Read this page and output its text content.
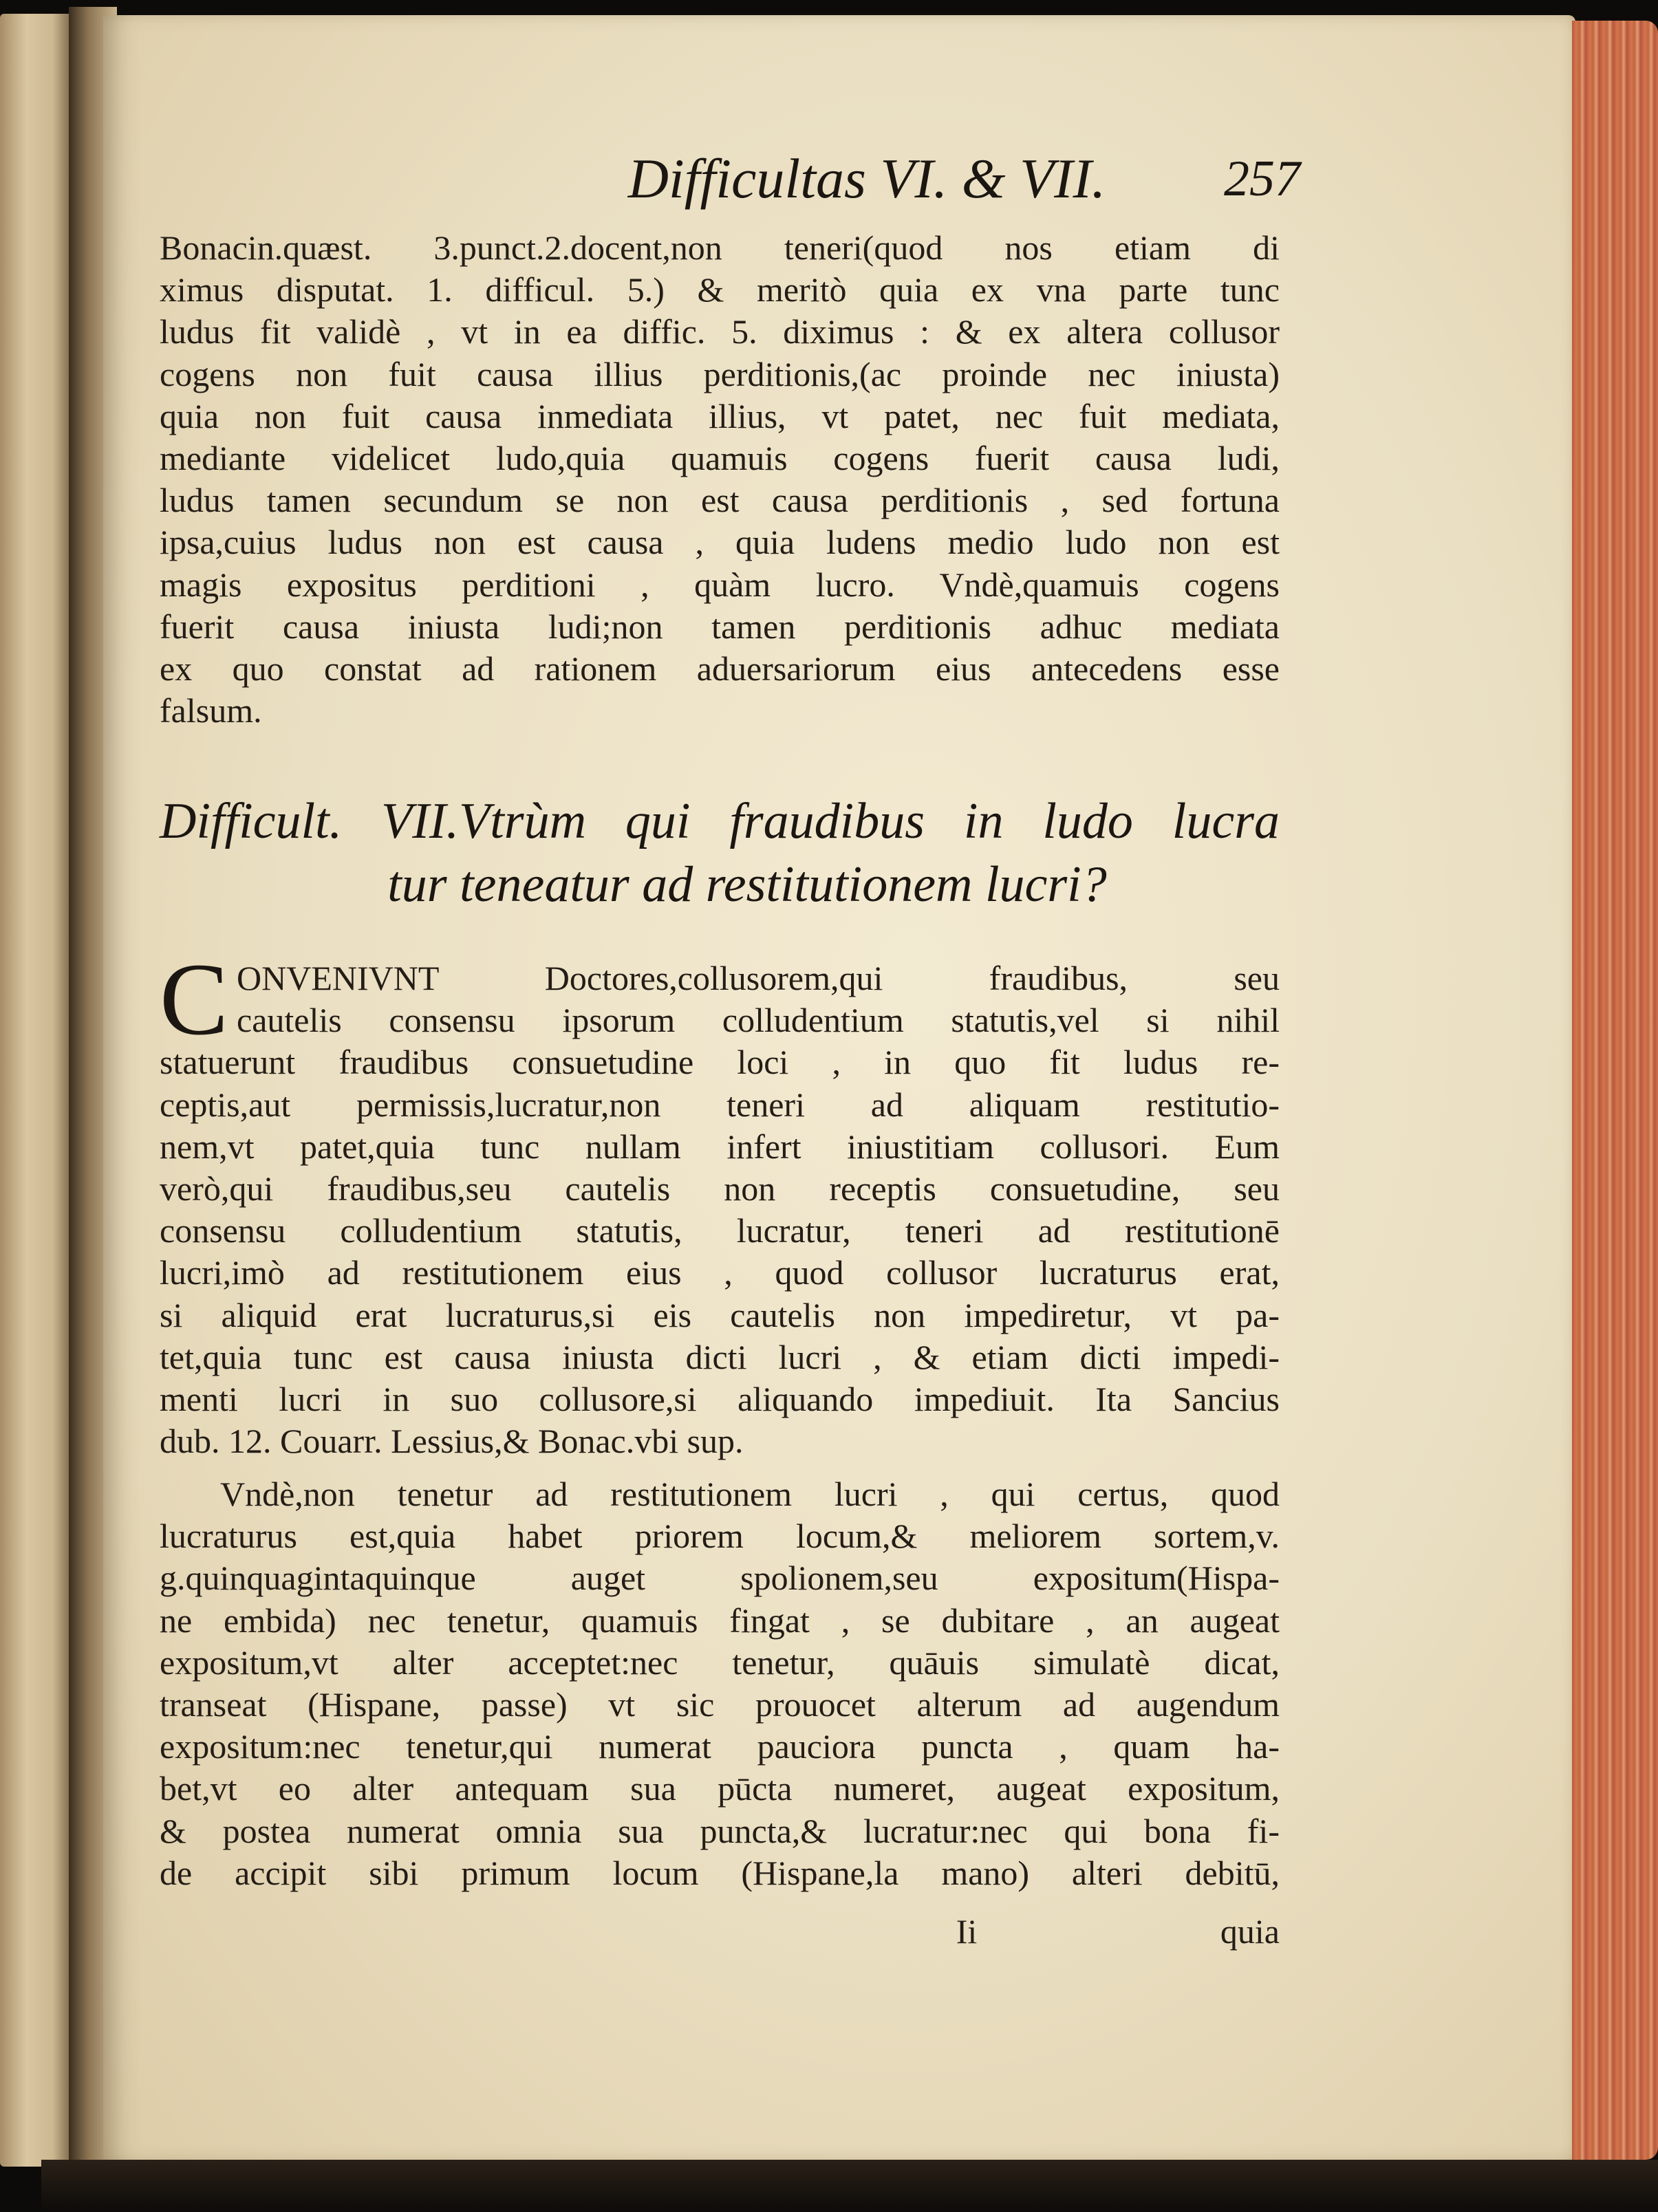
Difficultas VI. & VII.	257
Bonacin.quæst. 3.punct.2.docent,non teneri(quod nos etiam di
ximus disputat. 1. difficul. 5.) & meritò quia ex vna parte tunc
ludus fit validè , vt in ea diffic. 5. diximus : & ex altera collusor
cogens non fuit causa illius perditionis,(ac proinde nec iniusta)
quia non fuit causa inmediata illius, vt patet, nec fuit mediata,
mediante videlicet ludo,quia quamuis cogens fuerit causa ludi,
ludus tamen secundum se non est causa perditionis , sed fortuna
ipsa,cuius ludus non est causa , quia ludens medio ludo non est
magis expositus perditioni , quàm lucro. Vndè,quamuis cogens
fuerit causa iniusta ludi;non tamen perditionis adhuc mediata
ex quo constat ad rationem aduersariorum eius antecedens esse
falsum.
Difficult. VII.Vtrùm qui fraudibus in ludo lucra
tur teneatur ad restitutionem lucri?
C ONVENIVNT Doctores,collusorem,qui fraudibus, seu
cautelis consensu ipsorum colludentium statutis,vel si nihil
statuerunt fraudibus consuetudine loci , in quo fit ludus re-
ceptis,aut permissis,lucratur,non teneri ad aliquam restitutio-
nem,vt patet,quia tunc nullam infert iniustitiam collusori. Eum
verò,qui fraudibus,seu cautelis non receptis consuetudine, seu
consensu colludentium statutis, lucratur, teneri ad restitutionē
lucri,imò ad restitutionem eius , quod collusor lucraturus erat,
si aliquid erat lucraturus,si eis cautelis non impediretur, vt pa-
tet,quia tunc est causa iniusta dicti lucri , & etiam dicti impedi-
menti lucri in suo collusore,si aliquando impediuit. Ita Sancius
dub. 12. Couarr. Lessius,& Bonac.vbi sup.
Vndè,non tenetur ad restitutionem lucri , qui certus, quod
lucraturus est,quia habet priorem locum,& meliorem sortem,v.
g.quinquagintaquinque auget spolionem,seu expositum(Hispa-
ne embida) nec tenetur, quamuis fingat , se dubitare , an augeat
expositum,vt alter acceptet:nec tenetur, quāuis simulatè dicat,
transeat (Hispane, passe) vt sic prouocet alterum ad augendum
expositum:nec tenetur,qui numerat pauciora puncta , quam ha-
bet,vt eo alter antequam sua pūcta numeret, augeat expositum,
& postea numerat omnia sua puncta,& lucratur:nec qui bona fi-
de accipit sibi primum locum (Hispane,la mano) alteri debitū,
Ii	quia
